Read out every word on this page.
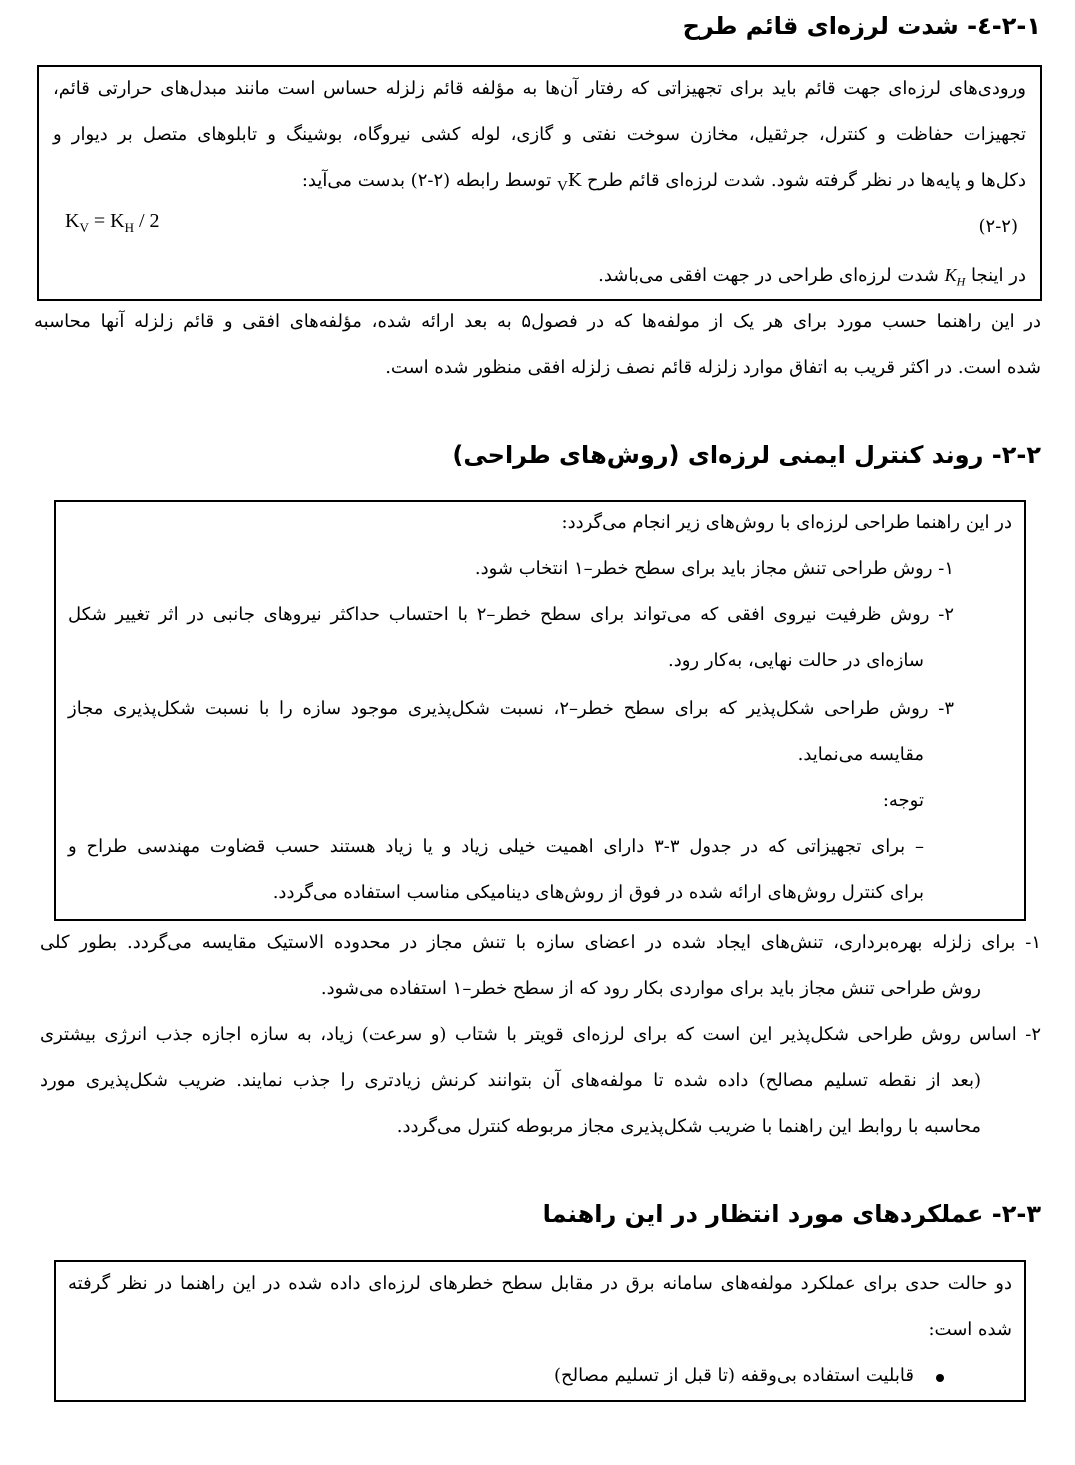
۲-۱-٤- شدت لرزه‌ای قائم طرح

ورودی‌های لرزه‌ای جهت قائم باید برای تجهیزاتی که رفتار آن‌ها به مؤلفه قائم زلزله حساس است مانند مبدل‌های حرارتی قائم،

تجهیزات حفاظت و کنترل، جرثقیل، مخازن سوخت نفتی و گازی، لوله کشی نیروگاه، بوشینگ و تابلوهای متصل بر دیوار و

دکل‌ها و پایه‌ها در نظر گرفته شود. شدت لرزه‌ای قائم طرح $K_V$ توسط رابطه (۲-۲) بدست می‌آید:

$K_V = K_H / 2$	(۲-۲)

در اینجا $K_H$ شدت لرزه‌ای طراحی در جهت افقی می‌باشد.

در این راهنما حسب مورد برای هر یک از مولفه‌ها که در فصول۵ به بعد ارائه شده، مؤلفه‌های افقی و قائم زلزله آنها محاسبه

شده است. در اکثر قریب به اتفاق موارد زلزله قائم نصف زلزله افقی منظور شده است.

۲-۲- روند کنترل ایمنی لرزه‌ای (روش‌های طراحی)

در این راهنما طراحی لرزه‌ای با روش‌های زیر انجام می‌گردد:

۱- روش طراحی تنش مجاز باید برای سطح خطر–۱ انتخاب شود.

۲- روش ظرفیت نیروی افقی که می‌تواند برای سطح خطر–۲ با احتساب حداکثر نیروهای جانبی در اثر تغییر شکل

سازه‌ای در حالت نهایی، به‌کار رود.

۳- روش طراحی شکل‌پذیر که برای سطح خطر–۲، نسبت شکل‌پذیری موجود سازه را با نسبت شکل‌پذیری مجاز

مقایسه می‌نماید.

توجه:

– برای تجهیزاتی که در جدول ۳-۳ دارای اهمیت خیلی زیاد و یا زیاد هستند حسب قضاوت مهندسی طراح و

برای کنترل روش‌های ارائه شده در فوق از روش‌های دینامیکی مناسب استفاده می‌گردد.

۱- برای زلزله بهره‌برداری، تنش‌های ایجاد شده در اعضای سازه با تنش مجاز در محدوده الاستیک مقایسه می‌گردد. بطور کلی

روش طراحی تنش مجاز باید برای مواردی بکار رود که از سطح خطر–۱ استفاده می‌شود.

۲- اساس روش طراحی شکل‌پذیر این است که برای لرزه‌ای قویتر با شتاب (و سرعت) زیاد، به سازه اجازه جذب انرژی بیشتری

(بعد از نقطه تسلیم مصالح) داده شده تا مولفه‌های آن بتوانند کرنش زیادتری را جذب نمایند. ضریب شکل‌پذیری مورد

محاسبه با روابط این راهنما با ضریب شکل‌پذیری مجاز مربوطه کنترل می‌گردد.

۲-۳- عملکردهای مورد انتظار در این راهنما

دو حالت حدی برای عملکرد مولفه‌های سامانه برق در مقابل سطح خطرهای لرزه‌ای داده شده در این راهنما در نظر گرفته

شده است:

قابلیت استفاده بی‌وقفه (تا قبل از تسلیم مصالح)
